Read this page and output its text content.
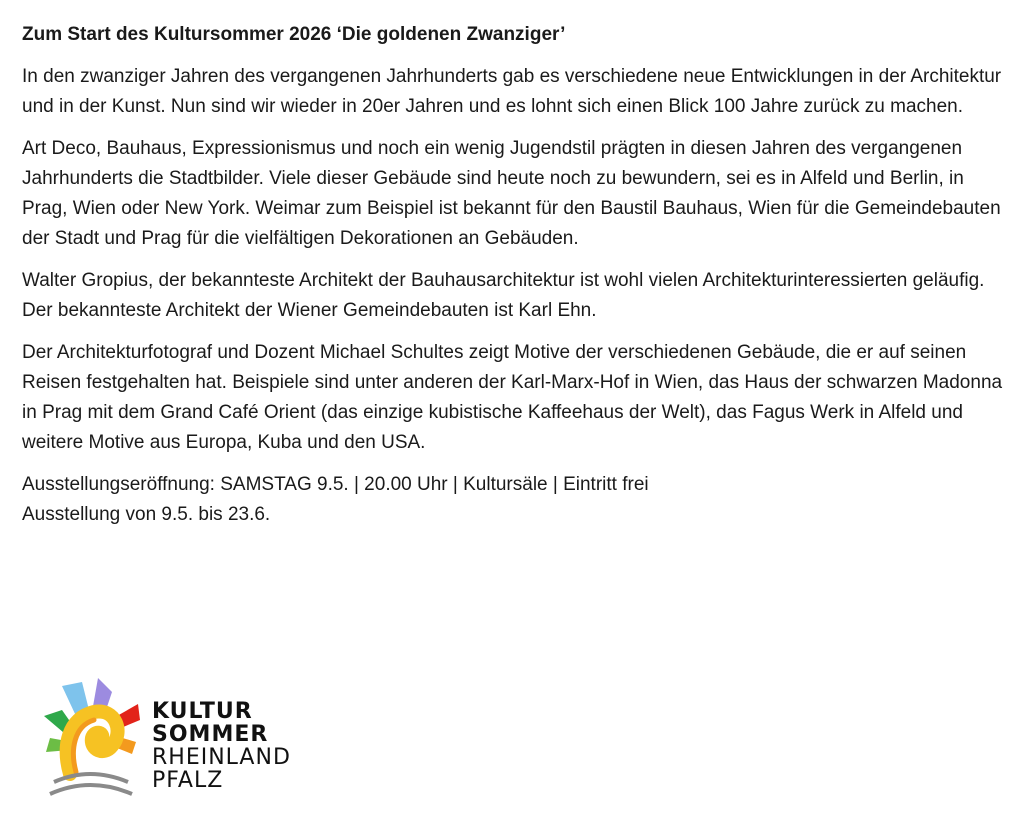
Zum Start des Kultursommer 2026 ‘Die goldenen Zwanziger’

In den zwanziger Jahren des vergangenen Jahrhunderts gab es verschiedene neue Entwicklungen in der Architektur und in der Kunst. Nun sind wir wieder in 20er Jahren und es lohnt sich einen Blick 100 Jahre zurück zu machen.

Art Deco, Bauhaus, Expressionismus und noch ein wenig Jugendstil prägten in diesen Jahren des vergangenen Jahrhunderts die Stadtbilder. Viele dieser Gebäude sind heute noch zu bewundern, sei es in Alfeld und Berlin, in Prag, Wien oder New York. Weimar zum Beispiel ist bekannt für den Baustil Bauhaus, Wien für die Gemeindebauten der Stadt und Prag für die vielfältigen Dekorationen an Gebäuden.

Walter Gropius, der bekannteste Architekt der Bauhausarchitektur ist wohl vielen Architekturinteressierten geläufig. Der bekannteste Architekt der Wiener Gemeindebauten ist Karl Ehn.

Der Architekturfotograf und Dozent Michael Schultes zeigt Motive der verschiedenen Gebäude, die er auf seinen Reisen festgehalten hat. Beispiele sind unter anderen der Karl-Marx-Hof in Wien, das Haus der schwarzen Madonna in Prag mit dem Grand Café Orient (das einzige kubistische Kaffeehaus der Welt), das Fagus Werk in Alfeld und weitere Motive aus Europa, Kuba und den USA.

Ausstellungseröffnung: SAMSTAG 9.5. | 20.00 Uhr | Kultursäle | Eintritt frei

Ausstellung von 9.5. bis 23.6.

KULTUR
SOMMER
RHEINLAND
PFALZ
